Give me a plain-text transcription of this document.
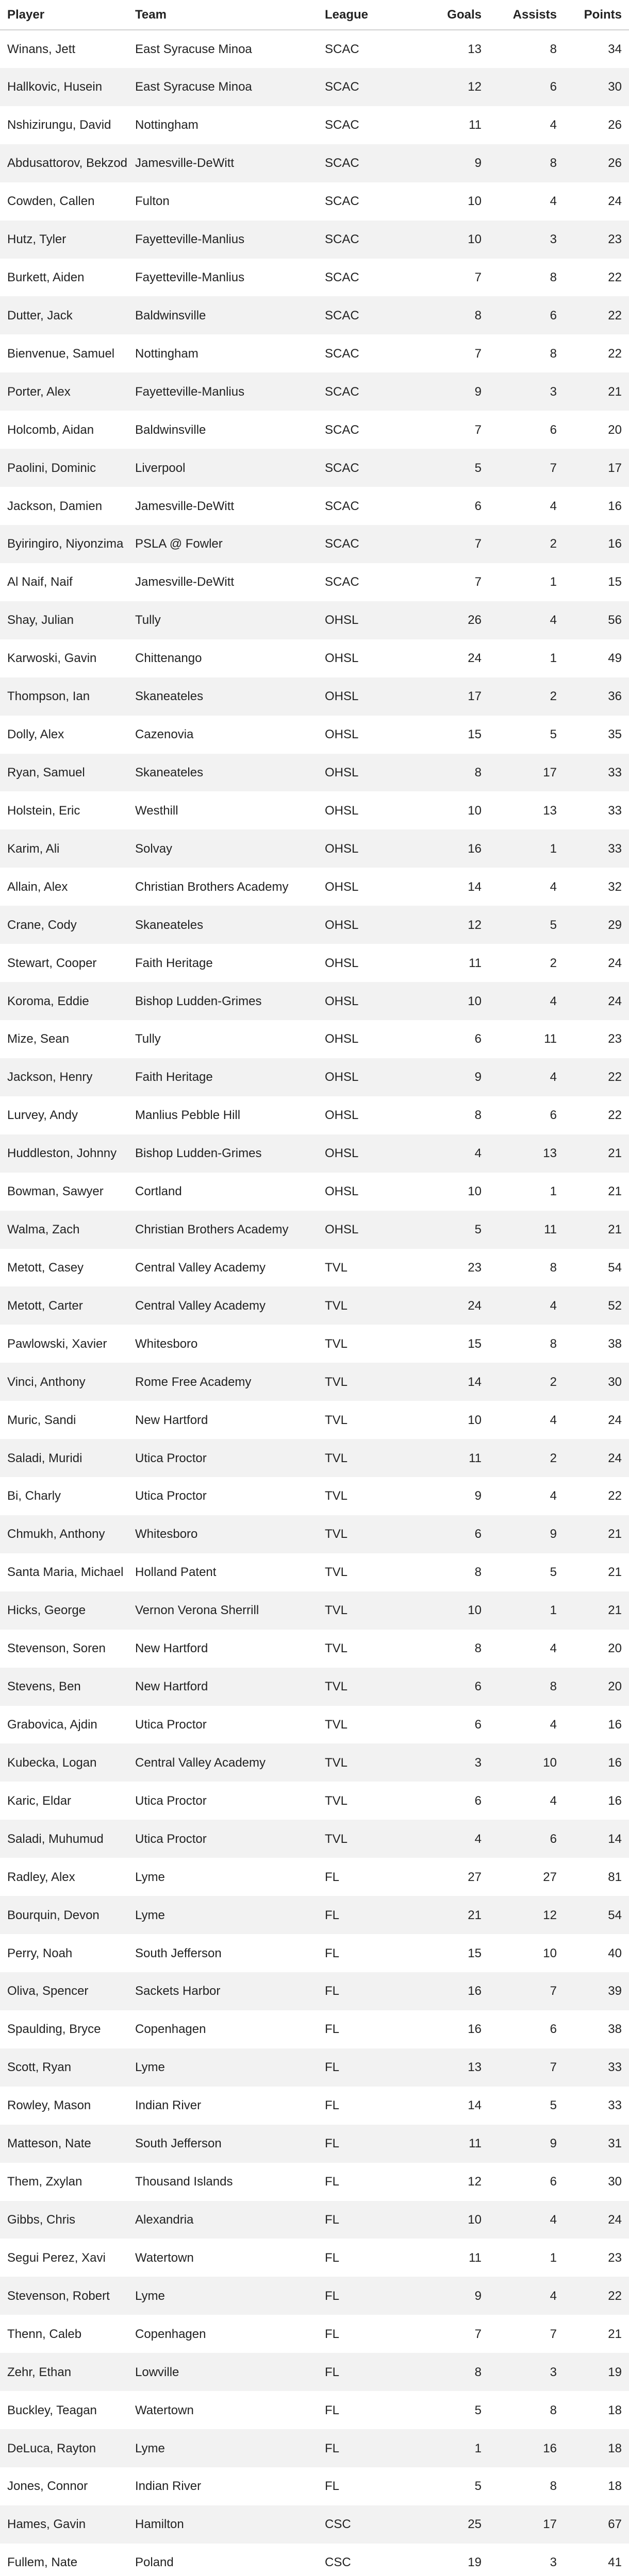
Player	Team	League	Goals		Assists	Points
Winans, Jett	East Syracuse Minoa	SCAC	13		8	34
Hallkovic, Husein	East Syracuse Minoa	SCAC	12		6	30
Nshizirungu, David	Nottingham	SCAC	11		4	26
Abdusattorov, Bekzod	Jamesville-DeWitt	SCAC	9		8	26
Cowden, Callen	Fulton	SCAC	10		4	24
Hutz, Tyler	Fayetteville-Manlius	SCAC	10		3	23
Burkett, Aiden	Fayetteville-Manlius	SCAC	7		8	22
Dutter, Jack	Baldwinsville	SCAC	8		6	22
Bienvenue, Samuel	Nottingham	SCAC	7		8	22
Porter, Alex	Fayetteville-Manlius	SCAC	9		3	21
Holcomb, Aidan	Baldwinsville	SCAC	7		6	20
Paolini, Dominic	Liverpool	SCAC	5		7	17
Jackson, Damien	Jamesville-DeWitt	SCAC	6		4	16
Byiringiro, Niyonzima	PSLA @ Fowler	SCAC	7		2	16
Al Naif, Naif	Jamesville-DeWitt	SCAC	7		1	15
Shay, Julian	Tully	OHSL	26		4	56
Karwoski, Gavin	Chittenango	OHSL	24		1	49
Thompson, Ian	Skaneateles	OHSL	17		2	36
Dolly, Alex	Cazenovia	OHSL	15		5	35
Ryan, Samuel	Skaneateles	OHSL	8		17	33
Holstein, Eric	Westhill	OHSL	10		13	33
Karim, Ali	Solvay	OHSL	16		1	33
Allain, Alex	Christian Brothers Academy	OHSL	14		4	32
Crane, Cody	Skaneateles	OHSL	12		5	29
Stewart, Cooper	Faith Heritage	OHSL	11		2	24
Koroma, Eddie	Bishop Ludden-Grimes	OHSL	10		4	24
Mize, Sean	Tully	OHSL	6		11	23
Jackson, Henry	Faith Heritage	OHSL	9		4	22
Lurvey, Andy	Manlius Pebble Hill	OHSL	8		6	22
Huddleston, Johnny	Bishop Ludden-Grimes	OHSL	4		13	21
Bowman, Sawyer	Cortland	OHSL	10		1	21
Walma, Zach	Christian Brothers Academy	OHSL	5		11	21
Metott, Casey	Central Valley Academy	TVL	23		8	54
Metott, Carter	Central Valley Academy	TVL	24		4	52
Pawlowski, Xavier	Whitesboro	TVL	15		8	38
Vinci, Anthony	Rome Free Academy	TVL	14		2	30
Muric, Sandi	New Hartford	TVL	10		4	24
Saladi, Muridi	Utica Proctor	TVL	11		2	24
Bi, Charly	Utica Proctor	TVL	9		4	22
Chmukh, Anthony	Whitesboro	TVL	6		9	21
Santa Maria, Michael	Holland Patent	TVL	8		5	21
Hicks, George	Vernon Verona Sherrill	TVL	10		1	21
Stevenson, Soren	New Hartford	TVL	8		4	20
Stevens, Ben	New Hartford	TVL	6		8	20
Grabovica, Ajdin	Utica Proctor	TVL	6		4	16
Kubecka, Logan	Central Valley Academy	TVL	3		10	16
Karic, Eldar	Utica Proctor	TVL	6		4	16
Saladi, Muhumud	Utica Proctor	TVL	4		6	14
Radley, Alex	Lyme	FL	27		27	81
Bourquin, Devon	Lyme	FL	21		12	54
Perry, Noah	South Jefferson	FL	15		10	40
Oliva, Spencer	Sackets Harbor	FL	16		7	39
Spaulding, Bryce	Copenhagen	FL	16		6	38
Scott, Ryan	Lyme	FL	13		7	33
Rowley, Mason	Indian River	FL	14		5	33
Matteson, Nate	South Jefferson	FL	11		9	31
Them, Zxylan	Thousand Islands	FL	12		6	30
Gibbs, Chris	Alexandria	FL	10		4	24
Segui Perez, Xavi	Watertown	FL	11		1	23
Stevenson, Robert	Lyme	FL	9		4	22
Thenn, Caleb	Copenhagen	FL	7		7	21
Zehr, Ethan	Lowville	FL	8		3	19
Buckley, Teagan	Watertown	FL	5		8	18
DeLuca, Rayton	Lyme	FL	1		16	18
Jones, Connor	Indian River	FL	5		8	18
Hames, Gavin	Hamilton	CSC	25		17	67
Fullem, Nate	Poland	CSC	19		3	41
